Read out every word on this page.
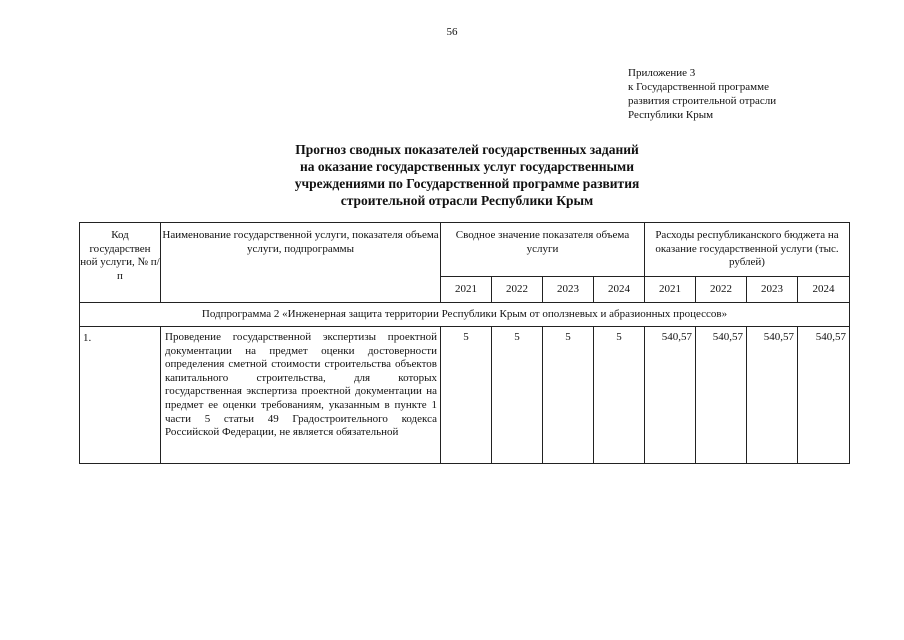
56
Приложение 3
к Государственной программе
развития строительной отрасли
Республики Крым
Прогноз сводных показателей государственных заданий
на оказание государственных услуг государственными
учреждениями по Государственной программе развития
строительной отрасли Республики Крым
Код государствен ной услуги, № п/п	Наименование государственной услуги, показателя объема услуги, подпрограммы	Сводное значение показателя объема услуги				Расходы республиканского бюджета на оказание государственной услуги (тыс. рублей)			
		2021	2022	2023	2024	2021	2022	2023	2024
Подпрограмма 2 «Инженерная защита территории Республики Крым от оползневых и абразионных процессов»									
1.	Проведение государственной экспертизы проектной документации на предмет оценки достоверности определения сметной стоимости строительства объектов капитального строительства, для которых государственная экспертиза проектной документации на предмет ее оценки требованиям, указанным в пункте 1 части 5 статьи 49 Градостроительного кодекса Российской Федерации, не является обязательной	5	5	5	5	540,57	540,57	540,57	540,57
